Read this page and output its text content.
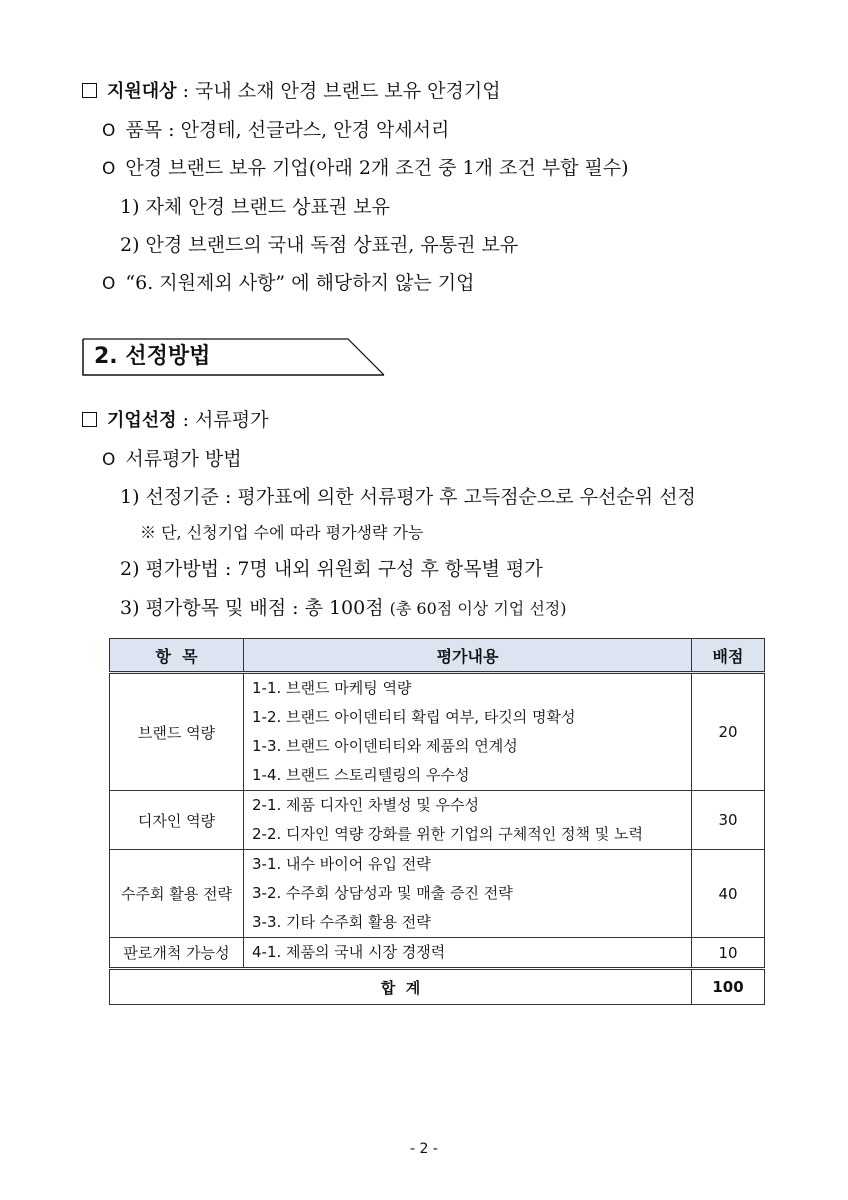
지원대상 : 국내 소재 안경 브랜드 보유 안경기업
O 품목 : 안경테, 선글라스, 안경 악세서리
O 안경 브랜드 보유 기업(아래 2개 조건 중 1개 조건 부합 필수)
1) 자체 안경 브랜드 상표권 보유
2) 안경 브랜드의 국내 독점 상표권, 유통권 보유
O “6. 지원제외 사항” 에 해당하지 않는 기업
2. 선정방법
기업선정 : 서류평가
O 서류평가 방법
1) 선정기준 : 평가표에 의한 서류평가 후 고득점순으로 우선순위 선정
※ 단, 신청기업 수에 따라 평가생략 가능
2) 평가방법 : 7명 내외 위원회 구성 후 항목별 평가
3) 평가항목 및 배점 : 총 100점 (총 60점 이상 기업 선정)
항  목	평가내용	배점
브랜드 역량	1-1. 브랜드 마케팅 역량
1-2. 브랜드 아이덴티티 확립 여부, 타깃의 명확성
1-3. 브랜드 아이덴티티와 제품의 연계성
1-4. 브랜드 스토리텔링의 우수성	20
디자인 역량	2-1. 제품 디자인 차별성 및 우수성
2-2. 디자인 역량 강화를 위한 기업의 구체적인 정책 및 노력	30
수주회 활용 전략	3-1. 내수 바이어 유입 전략
3-2. 수주회 상담성과 및 매출 증진 전략
3-3. 기타 수주회 활용 전략	40
판로개척 가능성	4-1. 제품의 국내 시장 경쟁력	10
합  계		100
- 2 -
